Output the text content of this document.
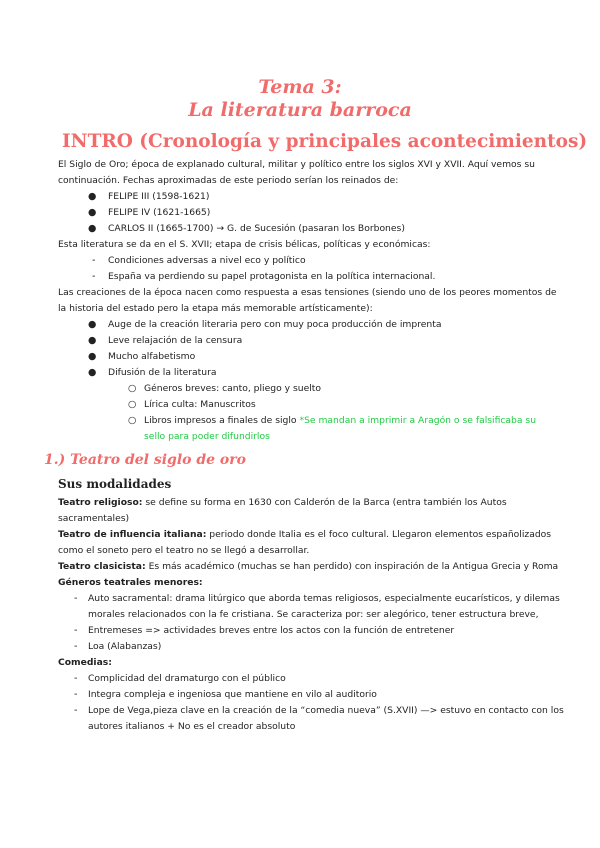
Tema 3:
La literatura barroca
INTRO (Cronología y principales acontecimientos)
El Siglo de Oro; época de explanado cultural, militar y político entre los siglos XVI y XVII. Aquí vemos su
continuación. Fechas aproximadas de este periodo serían los reinados de:
● FELIPE III (1598-1621)
● FELIPE IV (1621-1665)
● CARLOS II (1665-1700) → G. de Sucesión (pasaran los Borbones)
Esta literatura se da en el S. XVII; etapa de crisis bélicas, políticas y económicas:
- Condiciones adversas a nivel eco y político
- España va perdiendo su papel protagonista en la política internacional.
Las creaciones de la época nacen como respuesta a esas tensiones (siendo uno de los peores momentos de
la historia del estado pero la etapa más memorable artísticamente):
● Auge de la creación literaria pero con muy poca producción de imprenta
● Leve relajación de la censura
● Mucho alfabetismo
● Difusión de la literatura
○ Géneros breves: canto, pliego y suelto
○ Lírica culta: Manuscritos
○ Libros impresos a finales de siglo *Se mandan a imprimir a Aragón o se falsificaba su
sello para poder difundirlos
1.) Teatro del siglo de oro
Sus modalidades
Teatro religioso: se define su forma en 1630 con Calderón de la Barca (entra también los Autos
sacramentales)
Teatro de influencia italiana: periodo donde Italia es el foco cultural. Llegaron elementos españolizados
como el soneto pero el teatro no se llegó a desarrollar.
Teatro clasicista: Es más académico (muchas se han perdido) con inspiración de la Antigua Grecia y Roma
Géneros teatrales menores:
- Auto sacramental: drama litúrgico que aborda temas religiosos, especialmente eucarísticos, y dilemas
morales relacionados con la fe cristiana. Se caracteriza por: ser alegórico, tener estructura breve,
- Entremeses => actividades breves entre los actos con la función de entretener
- Loa (Alabanzas)
Comedias:
- Complicidad del dramaturgo con el público
- Integra compleja e ingeniosa que mantiene en vilo al auditorio
- Lope de Vega,pieza clave en la creación de la “comedia nueva” (S.XVII) —> estuvo en contacto con los
autores italianos + No es el creador absoluto
